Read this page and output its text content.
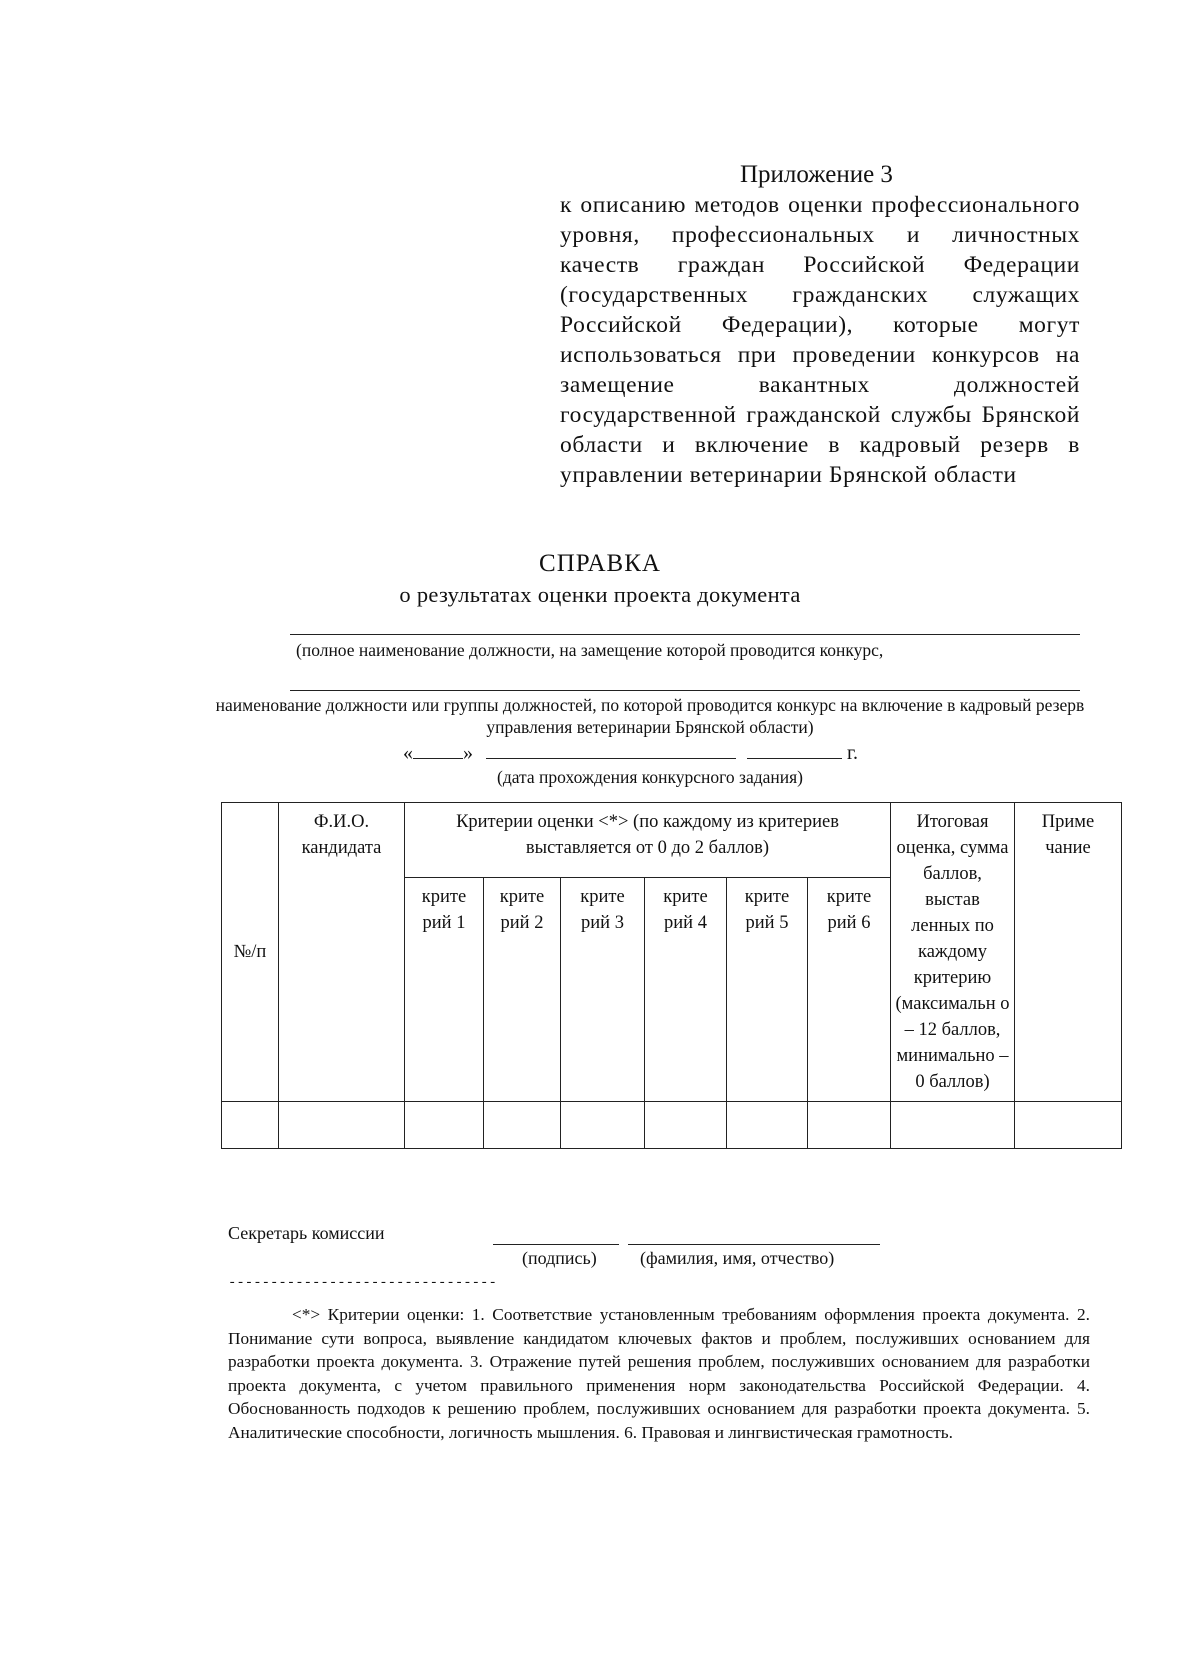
Приложение 3
к описанию методов оценки профессионального уровня, профессиональных и личностных качеств граждан Российской Федерации (государственных гражданских служащих Российской Федерации), которые могут использоваться при проведении конкурсов на замещение вакантных должностей государственной гражданской службы Брянской области и включение в кадровый резерв в управлении ветеринарии Брянской области
СПРАВКА
о результатах оценки проекта документа
(полное наименование должности, на замещение которой проводится конкурс,
наименование должности или группы должностей, по которой проводится конкурс на включение в кадровый резерв управления ветеринарии Брянской области)
«	»	г.
(дата прохождения конкурсного задания)
№/п	Ф.И.О. кандидата	Критерии оценки <*> (по каждому из критериев выставляется от 0 до 2 баллов)						Итоговая оценка, сумма баллов, выстав ленных по каждому критерию (максимальн о – 12 баллов, минимально – 0 баллов)	Приме чание
		крите рий 1	крите рий 2	крите рий 3	крите рий 4	крите рий 5	крите рий 6		

Секретарь комиссии
(подпись) (фамилия, имя, отчество)
--------------------------------
<*> Критерии оценки: 1. Соответствие установленным требованиям оформления проекта документа. 2. Понимание сути вопроса, выявление кандидатом ключевых фактов и проблем, послуживших основанием для разработки проекта документа. 3. Отражение путей решения проблем, послуживших основанием для разработки проекта документа, с учетом правильного применения норм законодательства Российской Федерации. 4. Обоснованность подходов к решению проблем, послуживших основанием для разработки проекта документа. 5. Аналитические способности, логичность мышления. 6. Правовая и лингвистическая грамотность.
